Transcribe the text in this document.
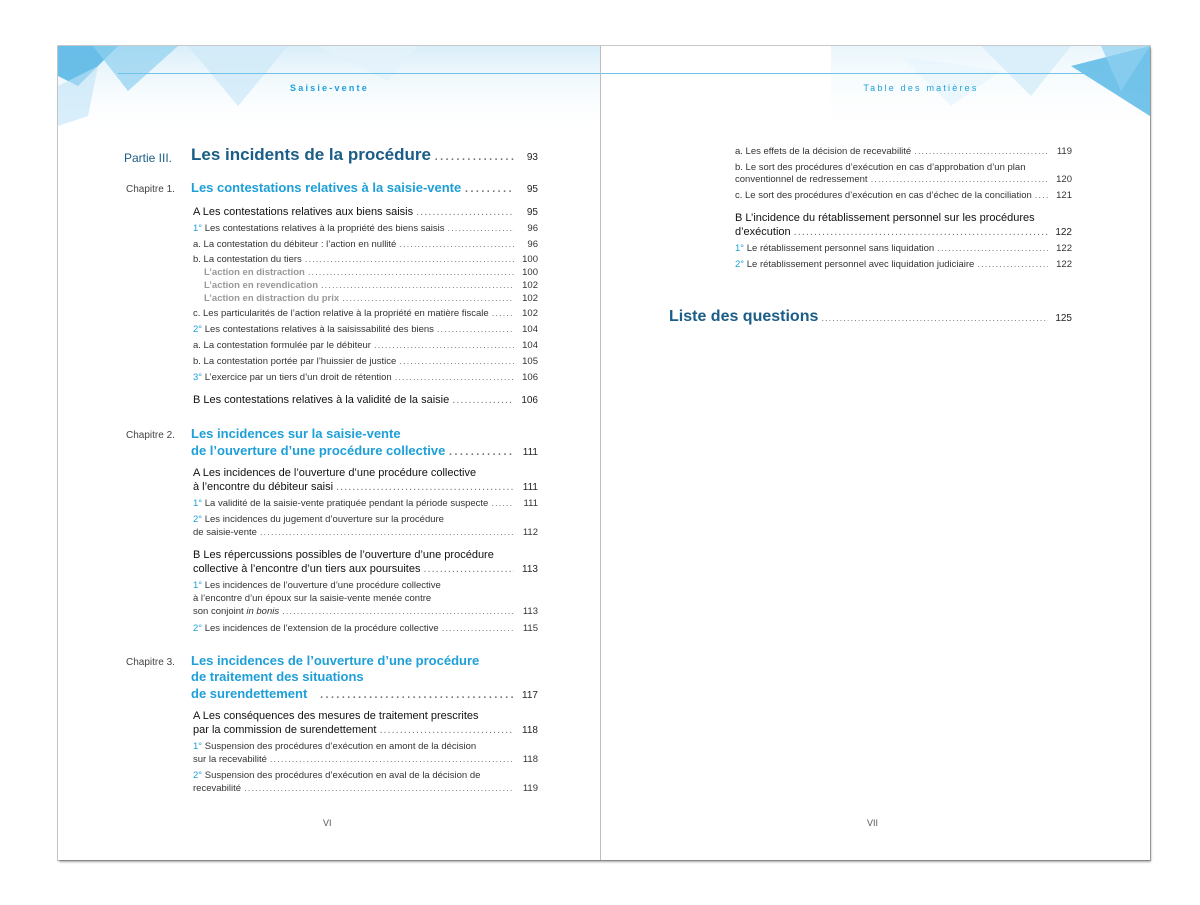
Saisie-vente
Partie III. Les incidents de la procédure .....	93
Chapitre 1. Les contestations relatives à la saisie-vente .....	95
A Les contestations relatives aux biens saisis .....	95
1° Les contestations relatives à la propriété des biens saisis .....	96
a. La contestation du débiteur : l’action en nullité .....	96
b. La contestation du tiers .....	100
L’action en distraction .....	100
L’action en revendication .....	102
L’action en distraction du prix .....	102
c. Les particularités de l’action relative à la propriété en matière fiscale .....	102
2° Les contestations relatives à la saisissabilité des biens .....	104
a. La contestation formulée par le débiteur .....	104
b. La contestation portée par l’huissier de justice .....	105
3° L’exercice par un tiers d’un droit de rétention .....	106
B Les contestations relatives à la validité de la saisie .....	106
Chapitre 2. Les incidences sur la saisie-vente
de l’ouverture d’une procédure collective .....	111
A Les incidences de l’ouverture d’une procédure collective
à l’encontre du débiteur saisi .....	111
1° La validité de la saisie-vente pratiquée pendant la période suspecte .....	111
2° Les incidences du jugement d’ouverture sur la procédure
de saisie-vente .....	112
B Les répercussions possibles de l’ouverture d’une procédure
collective à l’encontre d’un tiers aux poursuites .....	113
1° Les incidences de l’ouverture d’une procédure collective
à l’encontre d’un époux sur la saisie-vente menée contre
son conjoint in bonis .....	113
2° Les incidences de l’extension de la procédure collective .....	115
Chapitre 3. Les incidences de l’ouverture d’une procédure
de traitement des situations
de surendettement .....	117
A Les conséquences des mesures de traitement prescrites
par la commission de surendettement .....	118
1° Suspension des procédures d’exécution en amont de la décision
sur la recevabilité .....	118
2° Suspension des procédures d’exécution en aval de la décision de
recevabilité .....	119
VI
Table des matières
a. Les effets de la décision de recevabilité .....	119
b. Le sort des procédures d’exécution en cas d’approbation d’un plan
conventionnel de redressement .....	120
c. Le sort des procédures d’exécution en cas d’échec de la conciliation .....	121
B L’incidence du rétablissement personnel sur les procédures
d’exécution .....	122
1° Le rétablissement personnel sans liquidation .....	122
2° Le rétablissement personnel avec liquidation judiciaire .....	122
Liste des questions .....	125
VII
